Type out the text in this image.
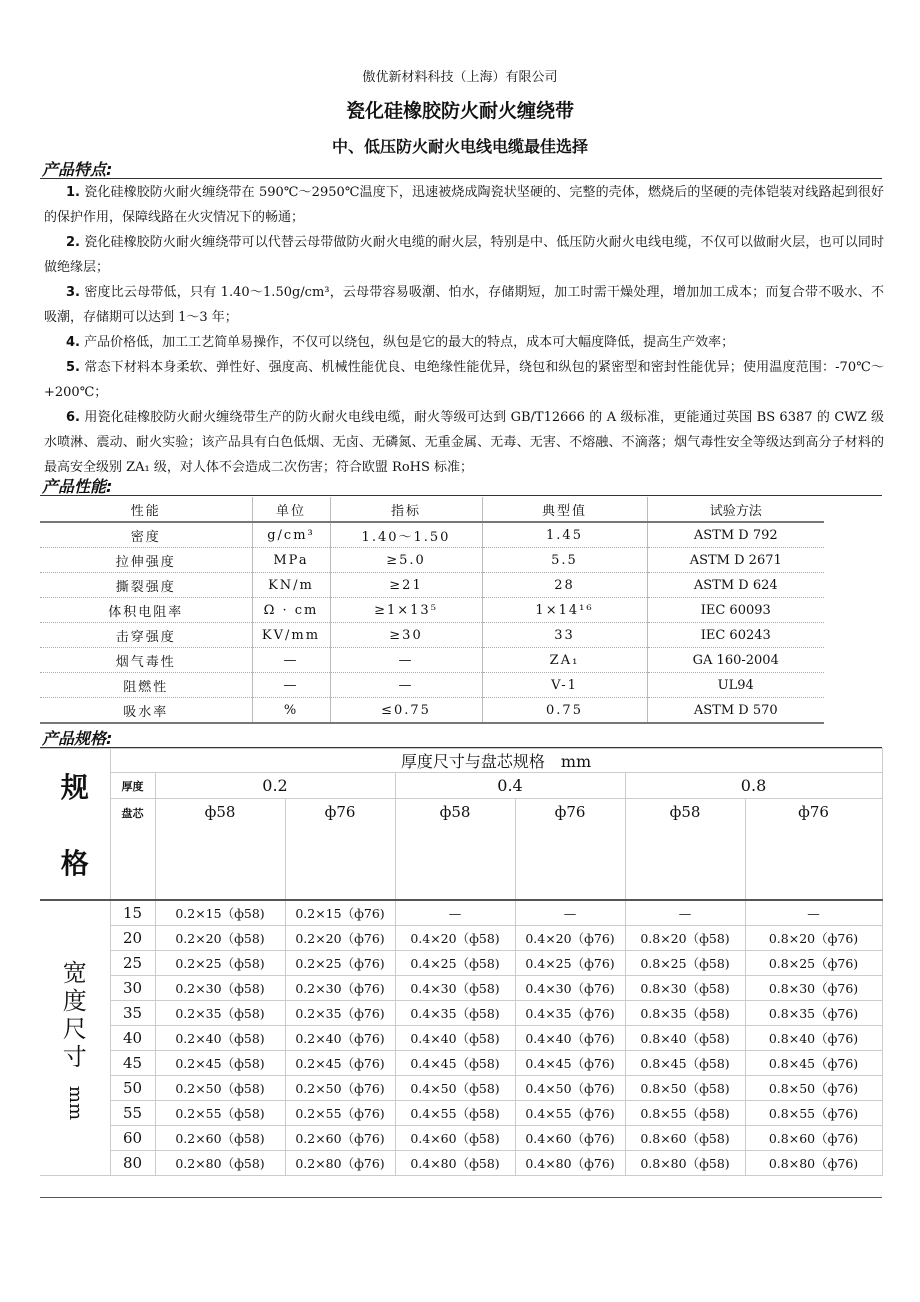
傲优新材料科技（上海）有限公司
瓷化硅橡胶防火耐火缠绕带
中、低压防火耐火电线电缆最佳选择
产品特点:

1. 瓷化硅橡胶防火耐火缠绕带在 590℃～2950℃温度下，迅速被烧成陶瓷状坚硬的、完整的壳体，燃烧后的坚硬的壳体铠装对线路起到很好的保护作用，保障线路在火灾情况下的畅通；

2. 瓷化硅橡胶防火耐火缠绕带可以代替云母带做防火耐火电缆的耐火层，特别是中、低压防火耐火电线电缆，不仅可以做耐火层，也可以同时做绝缘层；

3. 密度比云母带低，只有 1.40～1.50g/cm³，云母带容易吸潮、怕水，存储期短，加工时需干燥处理，增加加工成本；而复合带不吸水、不吸潮，存储期可以达到 1～3 年；

4. 产品价格低，加工工艺简单易操作，不仅可以绕包，纵包是它的最大的特点，成本可大幅度降低，提高生产效率；

5. 常态下材料本身柔软、弹性好、强度高、机械性能优良、电绝缘性能优异，绕包和纵包的紧密型和密封性能优异；使用温度范围：-70℃～+200℃；

6. 用瓷化硅橡胶防火耐火缠绕带生产的防火耐火电线电缆，耐火等级可达到 GB/T12666 的 A 级标准，更能通过英国 BS 6387 的 CWZ 级水喷淋、震动、耐火实验；该产品具有白色低烟、无卤、无磷氮、无重金属、无毒、无害、不熔融、不滴落；烟气毒性安全等级达到高分子材料的最高安全级别 ZA₁ 级，对人体不会造成二次伤害；符合欧盟 RoHS 标准；

产品性能:
性能	单位	指标	典型值	试验方法
密度	g/cm³	1.40～1.50	1.45	ASTM D 792
拉伸强度	MPa	≥5.0	5.5	ASTM D 2671
撕裂强度	KN/m	≥21	28	ASTM D 624
体积电阻率	Ω · cm	≥1×13⁵	1×14¹⁶	IEC 60093
击穿强度	KV/mm	≥30	33	IEC 60243
烟气毒性	—	—	ZA₁	GA 160-2004
阻燃性	—	—	V-1	UL94
吸水率	%	≤0.75	0.75	ASTM D 570
产品规格:
规
格	厚度尺寸与盘芯规格　mm						
	厚度	0.2		0.4		0.8	
	盘芯	ф58	ф76	ф58	ф76	ф58	ф76

宽
度
尺
寸
mm	15	0.2×15（ф58)	0.2×15（ф76)	—	—	—	—
	20	0.2×20（ф58)	0.2×20（ф76)	0.4×20（ф58)	0.4×20（ф76)	0.8×20（ф58)	0.8×20（ф76)
	25	0.2×25（ф58)	0.2×25（ф76)	0.4×25（ф58)	0.4×25（ф76)	0.8×25（ф58)	0.8×25（ф76)
	30	0.2×30（ф58)	0.2×30（ф76)	0.4×30（ф58)	0.4×30（ф76)	0.8×30（ф58)	0.8×30（ф76)
	35	0.2×35（ф58)	0.2×35（ф76)	0.4×35（ф58)	0.4×35（ф76)	0.8×35（ф58)	0.8×35（ф76)
	40	0.2×40（ф58)	0.2×40（ф76)	0.4×40（ф58)	0.4×40（ф76)	0.8×40（ф58)	0.8×40（ф76)
	45	0.2×45（ф58)	0.2×45（ф76)	0.4×45（ф58)	0.4×45（ф76)	0.8×45（ф58)	0.8×45（ф76)
	50	0.2×50（ф58)	0.2×50（ф76)	0.4×50（ф58)	0.4×50（ф76)	0.8×50（ф58)	0.8×50（ф76)
	55	0.2×55（ф58)	0.2×55（ф76)	0.4×55（ф58)	0.4×55（ф76)	0.8×55（ф58)	0.8×55（ф76)
	60	0.2×60（ф58)	0.2×60（ф76)	0.4×60（ф58)	0.4×60（ф76)	0.8×60（ф58)	0.8×60（ф76)
	80	0.2×80（ф58)	0.2×80（ф76)	0.4×80（ф58)	0.4×80（ф76)	0.8×80（ф58)	0.8×80（ф76)
